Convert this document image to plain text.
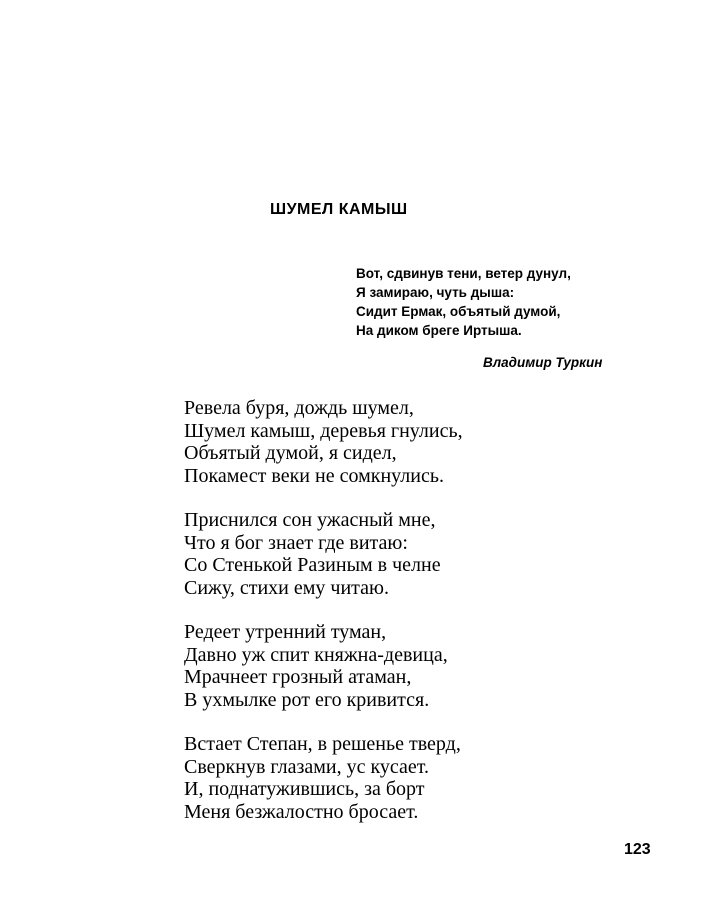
ШУМЕЛ КАМЫШ
Вот, сдвинув тени, ветер дунул,
Я замираю, чуть дыша:
Сидит Ермак, объятый думой,
На диком бреге Иртыша.
Владимир Туркин
Ревела буря, дождь шумел,
Шумел камыш, деревья гнулись,
Объятый думой, я сидел,
Покамест веки не сомкнулись.
Приснился сон ужасный мне,
Что я бог знает где витаю:
Со Стенькой Разиным в челне
Сижу, стихи ему читаю.
Редеет утренний туман,
Давно уж спит княжна-девица,
Мрачнеет грозный атаман,
В ухмылке рот его кривится.
Встает Степан, в решенье тверд,
Сверкнув глазами, ус кусает.
И, поднатужившись, за борт
Меня безжалостно бросает.
123
